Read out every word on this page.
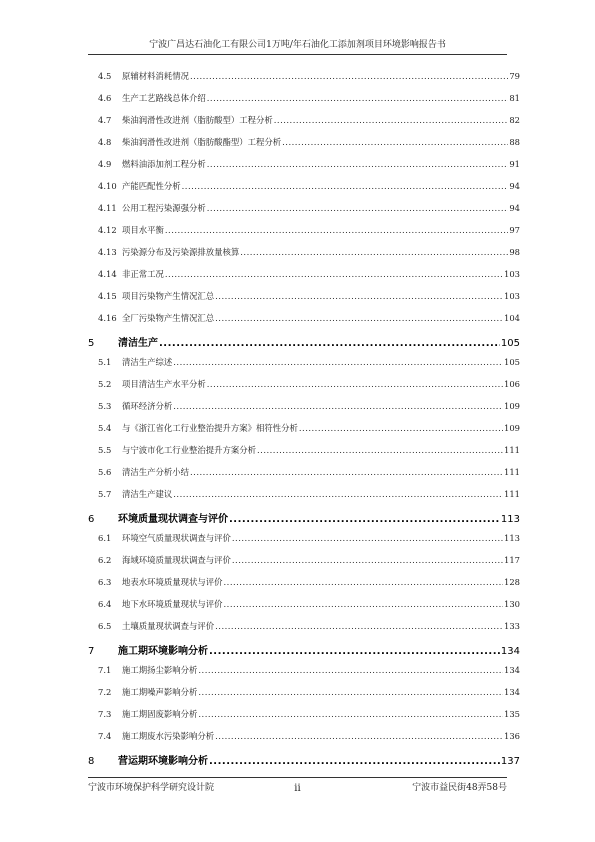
宁波广昌达石油化工有限公司1万吨/年石油化工添加剂项目环境影响报告书
4.5	原辅材料消耗情况 .....	79
4.6	生产工艺路线总体介绍 .....	81
4.7	柴油润滑性改进剂（脂肪酸型）工程分析 .....	82
4.8	柴油润滑性改进剂（脂肪酸酯型）工程分析 .....	88
4.9	燃料油添加剂工程分析 .....	91
4.10 产能匹配性分析 .....	94
4.11 公用工程污染源强分析 .....	94
4.12 项目水平衡 .....	97
4.13 污染源分布及污染源排放量核算 .....	98
4.14 非正常工况 .....	103
4.15 项目污染物产生情况汇总 .....	103
4.16 全厂污染物产生情况汇总 .....	104
5	清洁生产 .....	105
5.1	清洁生产综述 .....	105
5.2	项目清洁生产水平分析 .....	106
5.3	循环经济分析 .....	109
5.4	与《浙江省化工行业整治提升方案》相符性分析 .....	109
5.5	与宁波市化工行业整治提升方案分析 .....	111
5.6	清洁生产分析小结 .....	111
5.7	清洁生产建议 .....	111
6	环境质量现状调查与评价 .....	113
6.1	环境空气质量现状调查与评价 .....	113
6.2	海域环境质量现状调查与评价 .....	117
6.3	地表水环境质量现状与评价 .....	128
6.4	地下水环境质量现状与评价 .....	130
6.5	土壤质量现状调查与评价 .....	133
7	施工期环境影响分析 .....	134
7.1	施工期扬尘影响分析 .....	134
7.2	施工期噪声影响分析 .....	134
7.3	施工期固废影响分析 .....	135
7.4	施工期废水污染影响分析 .....	136
8	营运期环境影响分析 .....	137
宁波市环境保护科学研究设计院	ii	宁波市益民街48弄58号
